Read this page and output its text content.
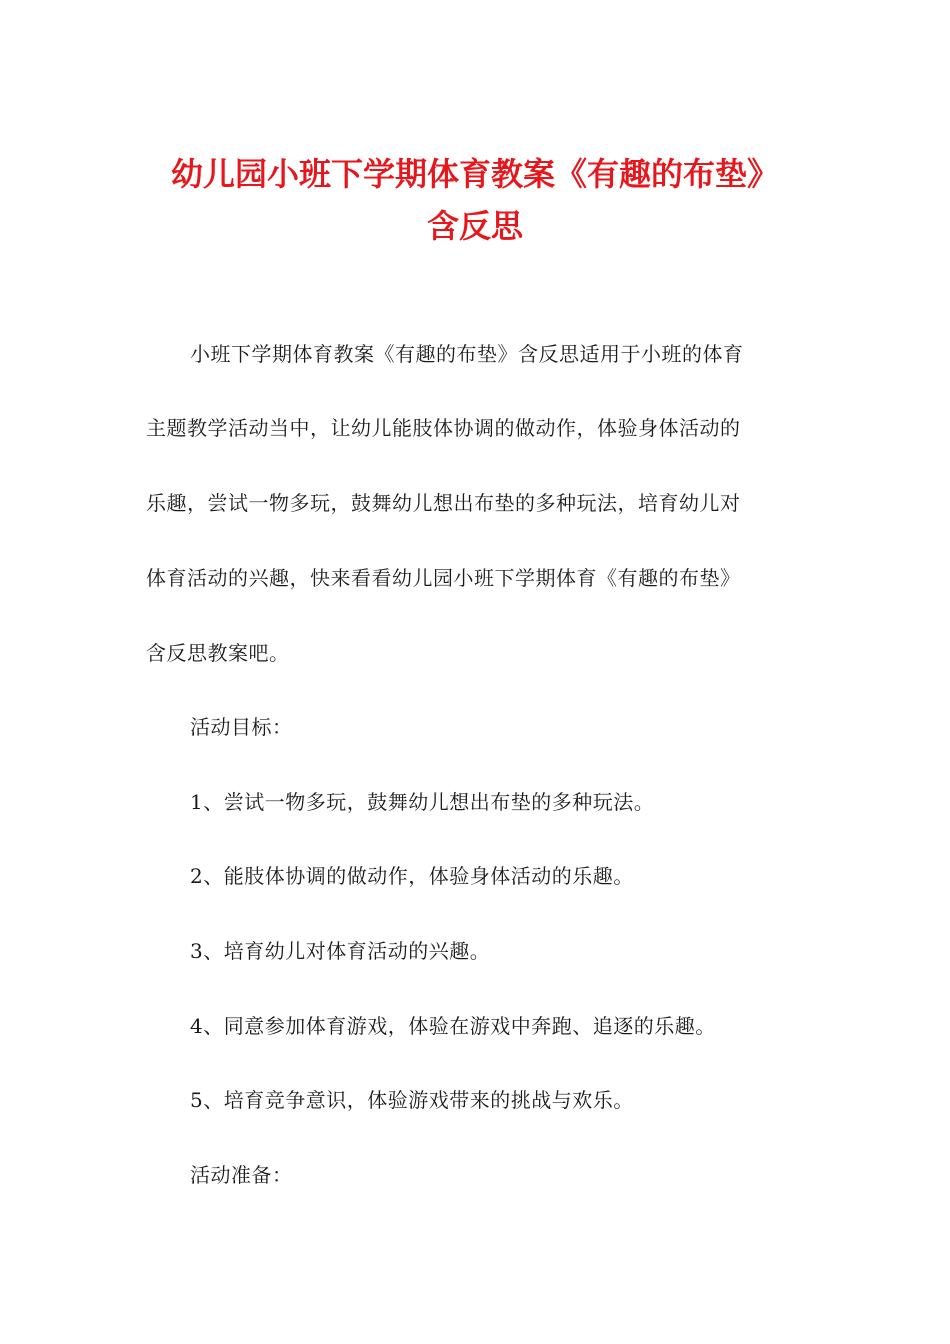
幼儿园小班下学期体育教案《有趣的布垫》
含反思
小班下学期体育教案《有趣的布垫》含反思适用于小班的体育
主题教学活动当中，让幼儿能肢体协调的做动作，体验身体活动的
乐趣，尝试一物多玩，鼓舞幼儿想出布垫的多种玩法，培育幼儿对
体育活动的兴趣，快来看看幼儿园小班下学期体育《有趣的布垫》
含反思教案吧。
活动目标：
1、尝试一物多玩，鼓舞幼儿想出布垫的多种玩法。
2、能肢体协调的做动作，体验身体活动的乐趣。
3、培育幼儿对体育活动的兴趣。
4、同意参加体育游戏，体验在游戏中奔跑、追逐的乐趣。
5、培育竞争意识，体验游戏带来的挑战与欢乐。
活动准备：
